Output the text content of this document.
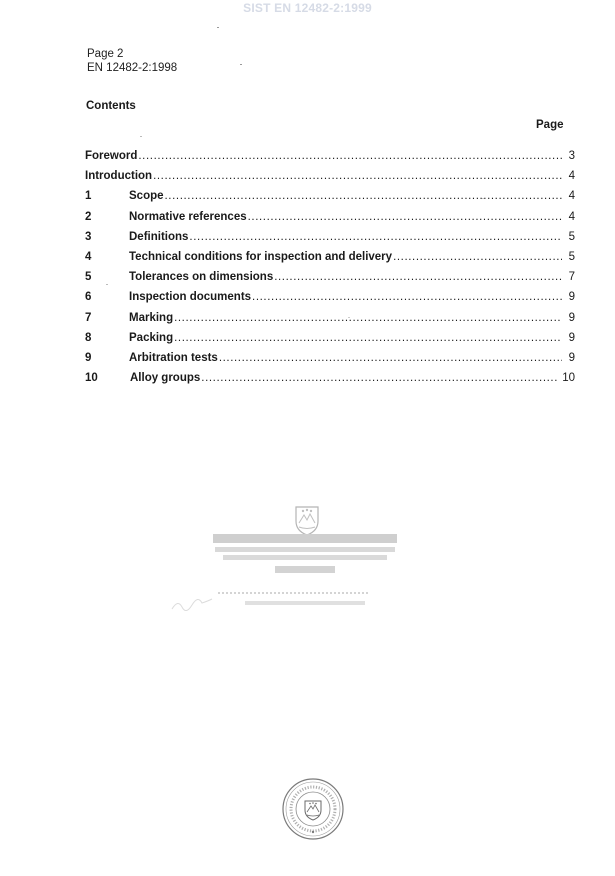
SIST EN 12482-2:1999
Page 2
EN 12482-2:1998
Contents
Page
Foreword .....	3
Introduction .....	4
1	Scope .....	4
2	Normative references .....	4
3	Definitions .....	5
4	Technical conditions for inspection and delivery .....	5
5	Tolerances on dimensions .....	7
6	Inspection documents .....	9
7	Marking .....	9
8	Packing .....	9
9	Arbitration tests .....	9
10	Alloy groups .....	10
